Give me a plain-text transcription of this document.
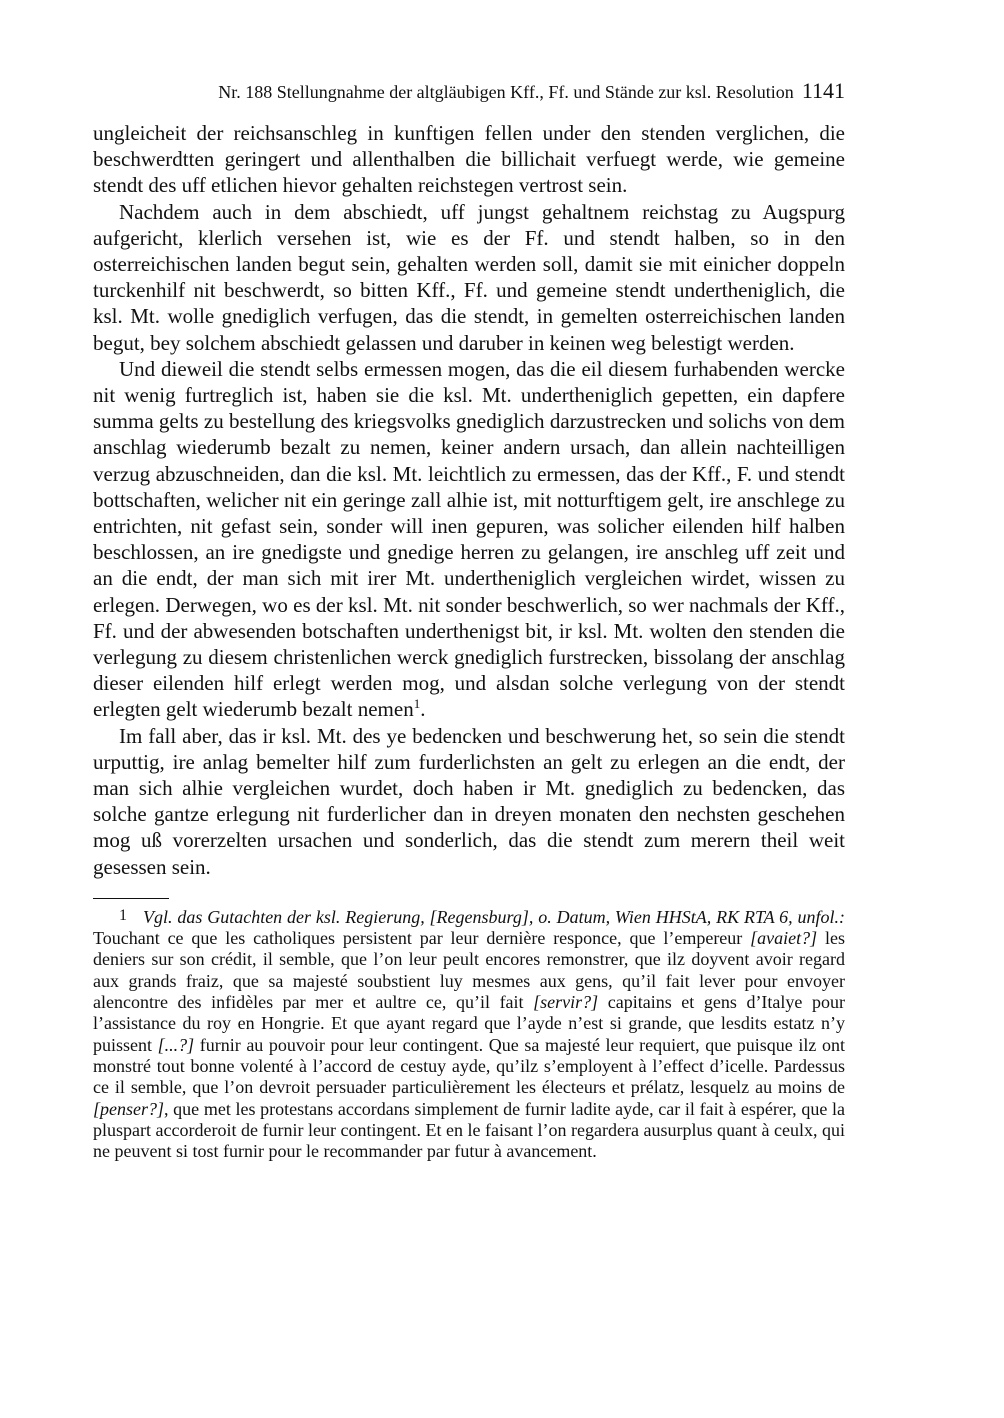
Nr. 188 Stellungnahme der altgläubigen Kff., Ff. und Stände zur ksl. Resolution 1141

ungleicheit der reichsanschleg in kunftigen fellen under den stenden verglichen, die beschwerdtten geringert und allenthalben die billichait verfuegt werde, wie gemeine stendt des uff etlichen hievor gehalten reichstegen vertrost sein.

Nachdem auch in dem abschiedt, uff jungst gehaltnem reichstag zu Augspurg aufgericht, klerlich versehen ist, wie es der Ff. und stendt halben, so in den osterreichischen landen begut sein, gehalten werden soll, damit sie mit einicher doppeln turckenhilf nit beschwerdt, so bitten Kff., Ff. und gemeine stendt undertheniglich, die ksl. Mt. wolle gnediglich verfugen, das die stendt, in gemelten osterreichischen landen begut, bey solchem abschiedt gelassen und daruber in keinen weg belestigt werden.

Und dieweil die stendt selbs ermessen mogen, das die eil diesem furhabenden wercke nit wenig furtreglich ist, haben sie die ksl. Mt. undertheniglich gepetten, ein dapfere summa gelts zu bestellung des kriegsvolks gnediglich darzustrecken und solichs von dem anschlag wiederumb bezalt zu nemen, keiner andern ursach, dan allein nachteilligen verzug abzuschneiden, dan die ksl. Mt. leichtlich zu ermessen, das der Kff., F. und stendt bottschaften, welicher nit ein geringe zall alhie ist, mit notturftigem gelt, ire anschlege zu entrichten, nit gefast sein, sonder will inen gepuren, was solicher eilenden hilf halben beschlossen, an ire gnedigste und gnedige herren zu gelangen, ire anschleg uff zeit und an die endt, der man sich mit irer Mt. undertheniglich vergleichen wirdet, wissen zu erlegen. Derwegen, wo es der ksl. Mt. nit sonder beschwerlich, so wer nachmals der Kff., Ff. und der abwesenden botschaften underthenigst bit, ir ksl. Mt. wolten den stenden die verlegung zu diesem christenlichen werck gnediglich furstrecken, bissolang der anschlag dieser eilenden hilf erlegt werden mog, und alsdan solche verlegung von der stendt erlegten gelt wiederumb bezalt nemen$^1$.

Im fall aber, das ir ksl. Mt. des ye bedencken und beschwerung het, so sein die stendt urputtig, ire anlag bemelter hilf zum furderlichsten an gelt zu erlegen an die endt, der man sich alhie vergleichen wurdet, doch haben ir Mt. gnediglich zu bedencken, das solche gantze erlegung nit furderlicher dan in dreyen monaten den nechsten geschehen mog uß vorerzelten ursachen und sonderlich, das die stendt zum merern theil weit gesessen sein.

1 Vgl. das Gutachten der ksl. Regierung, [Regensburg], o. Datum, Wien HHStA, RK RTA 6, unfol.: Touchant ce que les catholiques persistent par leur dernière responce, que l’empereur [avaiet?] les deniers sur son crédit, il semble, que l’on leur peult encores remonstrer, que ilz doyvent avoir regard aux grands fraiz, que sa majesté soubstient luy mesmes aux gens, qu’il fait lever pour envoyer alencontre des infidèles par mer et aultre ce, qu’il fait [servir?] capitains et gens d’Italye pour l’assistance du roy en Hongrie. Et que ayant regard que l’ayde n’est si grande, que lesdits estatz n’y puissent [...?] furnir au pouvoir pour leur contingent. Que sa majesté leur requiert, que puisque ilz ont monstré tout bonne volenté à l’accord de cestuy ayde, qu’ilz s’employent à l’effect d’icelle. Pardessus ce il semble, que l’on devroit persuader particulièrement les électeurs et prélatz, lesquelz au moins de [penser?], que met les protestans accordans simplement de furnir ladite ayde, car il fait à espérer, que la pluspart accorderoit de furnir leur contingent. Et en le faisant l’on regardera ausurplus quant à ceulx, qui ne peuvent si tost furnir pour le recommander par futur à avancement.
